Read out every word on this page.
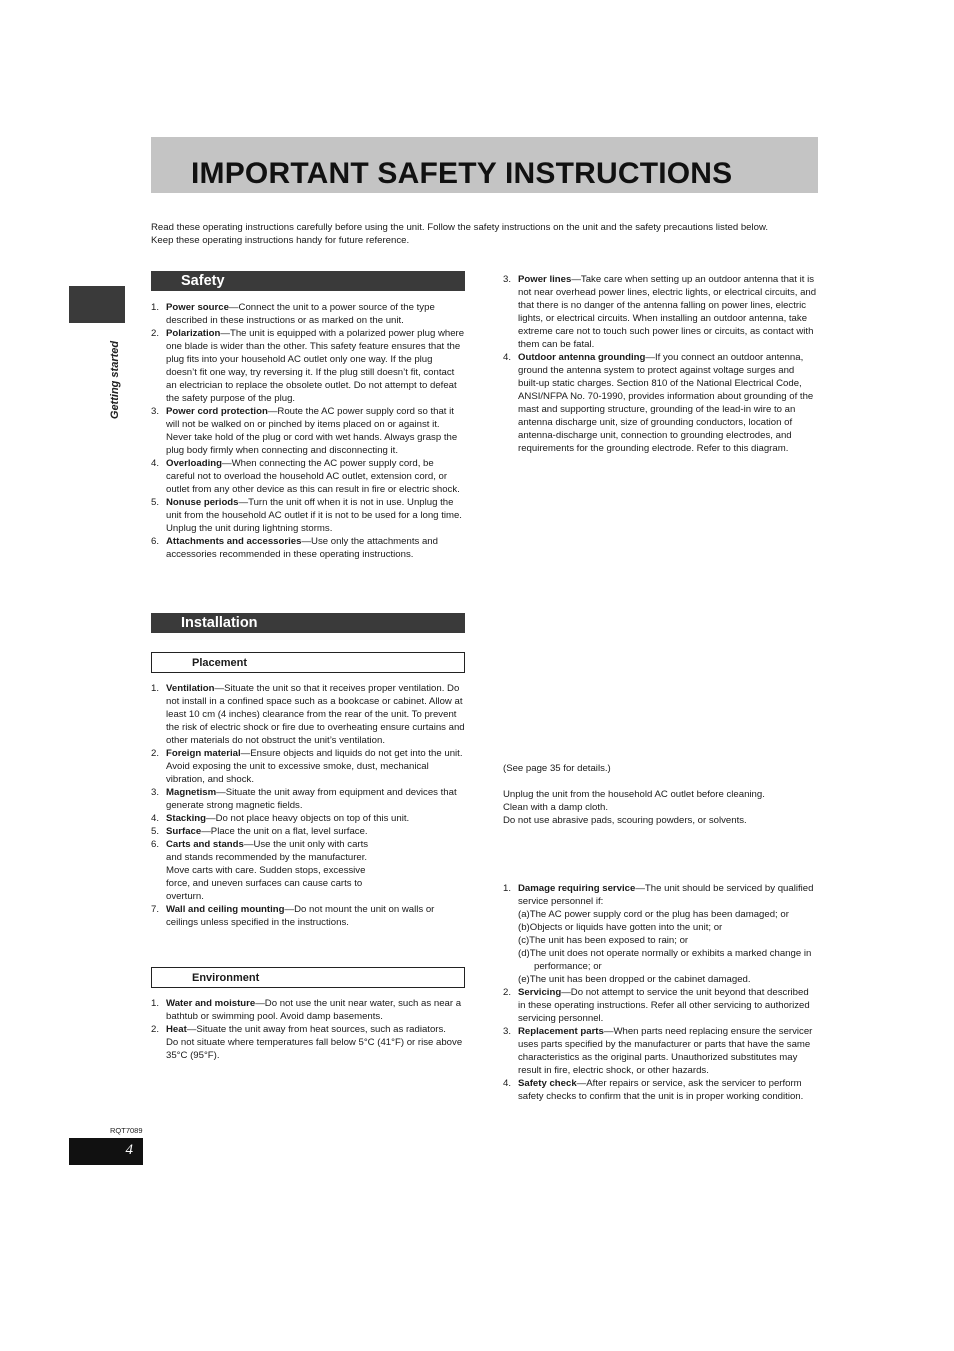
IMPORTANT SAFETY INSTRUCTIONS
Read these operating instructions carefully before using the unit. Follow the safety instructions on the unit and the safety precautions listed below.
Keep these operating instructions handy for future reference.
Getting started
Safety
1. Power source—Connect the unit to a power source of the type described in these instructions or as marked on the unit.
2. Polarization—The unit is equipped with a polarized power plug where one blade is wider than the other. This safety feature ensures that the plug fits into your household AC outlet only one way. If the plug doesn’t fit one way, try reversing it. If the plug still doesn’t fit, contact an electrician to replace the obsolete outlet. Do not attempt to defeat the safety purpose of the plug.
3. Power cord protection—Route the AC power supply cord so that it will not be walked on or pinched by items placed on or against it. Never take hold of the plug or cord with wet hands. Always grasp the plug body firmly when connecting and disconnecting it.
4. Overloading—When connecting the AC power supply cord, be careful not to overload the household AC outlet, extension cord, or outlet from any other device as this can result in fire or electric shock.
5. Nonuse periods—Turn the unit off when it is not in use. Unplug the unit from the household AC outlet if it is not to be used for a long time. Unplug the unit during lightning storms.
6. Attachments and accessories—Use only the attachments and accessories recommended in these operating instructions.
Installation
Placement
1. Ventilation—Situate the unit so that it receives proper ventilation. Do not install in a confined space such as a bookcase or cabinet. Allow at least 10 cm (4 inches) clearance from the rear of the unit. To prevent the risk of electric shock or fire due to overheating ensure curtains and other materials do not obstruct the unit’s ventilation.
2. Foreign material—Ensure objects and liquids do not get into the unit. Avoid exposing the unit to excessive smoke, dust, mechanical vibration, and shock.
3. Magnetism—Situate the unit away from equipment and devices that generate strong magnetic fields.
4. Stacking—Do not place heavy objects on top of this unit.
5. Surface—Place the unit on a flat, level surface.
6. Carts and stands—Use the unit only with carts and stands recommended by the manufacturer. Move carts with care. Sudden stops, excessive force, and uneven surfaces can cause carts to overturn.
7. Wall and ceiling mounting—Do not mount the unit on walls or ceilings unless specified in the instructions.
Environment
1. Water and moisture—Do not use the unit near water, such as near a bathtub or swimming pool. Avoid damp basements.
2. Heat—Situate the unit away from heat sources, such as radiators.
Do not situate where temperatures fall below 5°C (41°F) or rise above 35°C (95°F).
3. Power lines—Take care when setting up an outdoor antenna that it is not near overhead power lines, electric lights, or electrical circuits, and that there is no danger of the antenna falling on power lines, electric lights, or electrical circuits. When installing an outdoor antenna, take extreme care not to touch such power lines or circuits, as contact with them can be fatal.
4. Outdoor antenna grounding—If you connect an outdoor antenna, ground the antenna system to protect against voltage surges and built-up static charges. Section 810 of the National Electrical Code, ANSI/NFPA No. 70-1990, provides information about grounding of the mast and supporting structure, grounding of the lead-in wire to an antenna discharge unit, size of grounding conductors, location of antenna-discharge unit, connection to grounding electrodes, and requirements for the grounding electrode. Refer to this diagram.
(See page 35 for details.)
Unplug the unit from the household AC outlet before cleaning.
Clean with a damp cloth.
Do not use abrasive pads, scouring powders, or solvents.
1. Damage requiring service—The unit should be serviced by qualified service personnel if:
(a)The AC power supply cord or the plug has been damaged; or
(b)Objects or liquids have gotten into the unit; or
(c)The unit has been exposed to rain; or
(d)The unit does not operate normally or exhibits a marked change in performance; or
(e)The unit has been dropped or the cabinet damaged.
2. Servicing—Do not attempt to service the unit beyond that described in these operating instructions. Refer all other servicing to authorized servicing personnel.
3. Replacement parts—When parts need replacing ensure the servicer uses parts specified by the manufacturer or parts that have the same characteristics as the original parts. Unauthorized substitutes may result in fire, electric shock, or other hazards.
4. Safety check—After repairs or service, ask the servicer to perform safety checks to confirm that the unit is in proper working condition.
RQT7089
4
